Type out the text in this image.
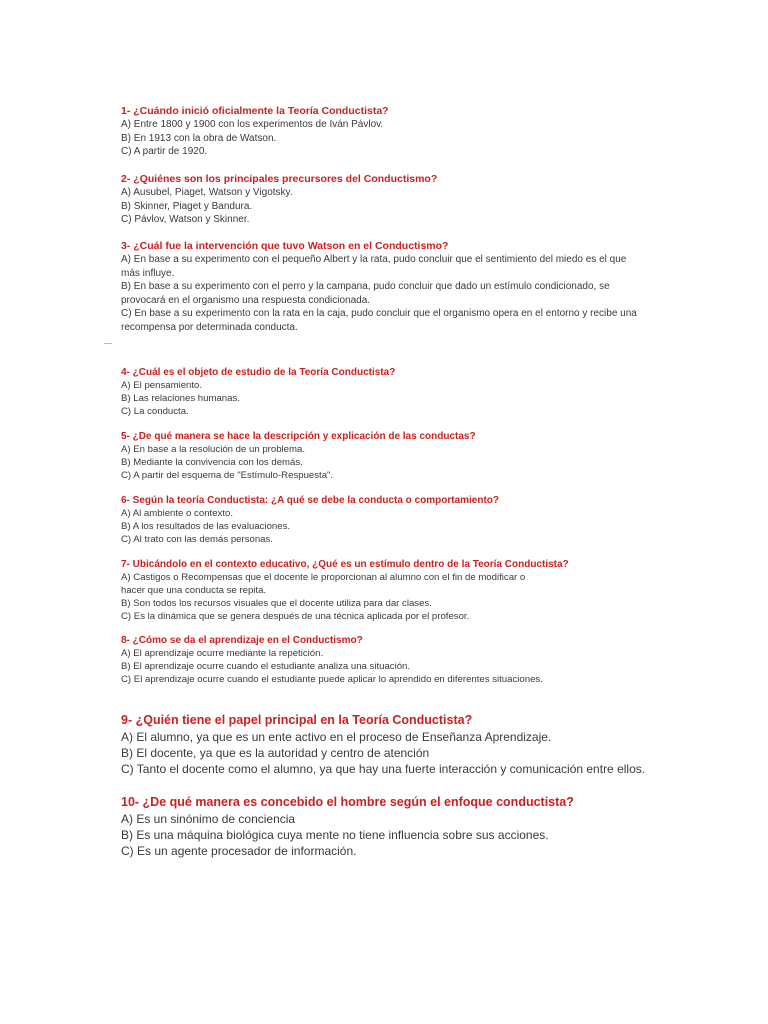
1- ¿Cuándo inició oficialmente la Teoría Conductista?

A) Entre 1800 y 1900 con los experimentos de Iván Pávlov.

B) En 1913 con la obra de Watson.

C) A partir de 1920.

2- ¿Quiénes son los principales precursores del Conductismo?

A) Ausubel, Piaget, Watson y Vigotsky.

B) Skinner, Piaget y Bandura.

C) Pávlov, Watson y Skinner.

3- ¿Cuál fue la intervención que tuvo Watson en el Conductismo?

A) En base a su experimento con el pequeño Albert y la rata, pudo concluir que el sentimiento del miedo es el que más influye.

B) En base a su experimento con el perro y la campana, pudo concluir que dado un estímulo condicionado, se provocará en el organismo una respuesta condicionada.

C) En base a su experimento con la rata en la caja, pudo concluir que el organismo opera en el entorno y recibe una recompensa por determinada conducta.

4- ¿Cuál es el objeto de estudio de la Teoría Conductista?

A) El pensamiento.

B) Las relaciones humanas.

C) La conducta.

5- ¿De qué manera se hace la descripción y explicación de las conductas?

A) En base a la resolución de un problema.

B) Mediante la convivencia con los demás.

C) A partir del esquema de "Estímulo-Respuesta".

6- Según la teoría Conductista: ¿A qué se debe la conducta o comportamiento?

A) Al ambiente o contexto.

B) A los resultados de las evaluaciones.

C) Al trato con las demás personas.

7- Ubicándolo en el contexto educativo, ¿Qué es un estímulo dentro de la Teoría Conductista?

A) Castigos o Recompensas que el docente le proporcionan al alumno con el fin de modificar o hacer que una conducta se repita.

B) Son todos los recursos visuales que el docente utiliza para dar clases.

C) Es la dinámica que se genera después de una técnica aplicada por el profesor.

8- ¿Cómo se da el aprendizaje en el Conductismo?

A) El aprendizaje ocurre mediante la repetición.

B) El aprendizaje ocurre cuando el estudiante analiza una situación.

C) El aprendizaje ocurre cuando el estudiante puede aplicar lo aprendido en diferentes situaciones.

9- ¿Quién tiene el papel principal en la Teoría Conductista?

A) El alumno, ya que es un ente activo en el proceso de Enseñanza Aprendizaje.

B) El docente, ya que es la autoridad y centro de atención

C) Tanto el docente como el alumno, ya que hay una fuerte interacción y comunicación entre ellos.

10- ¿De qué manera es concebido el hombre según el enfoque conductista?

A) Es un sinónimo de conciencia

B) Es una máquina biológica cuya mente no tiene influencia sobre sus acciones.

C) Es un agente procesador de información.
